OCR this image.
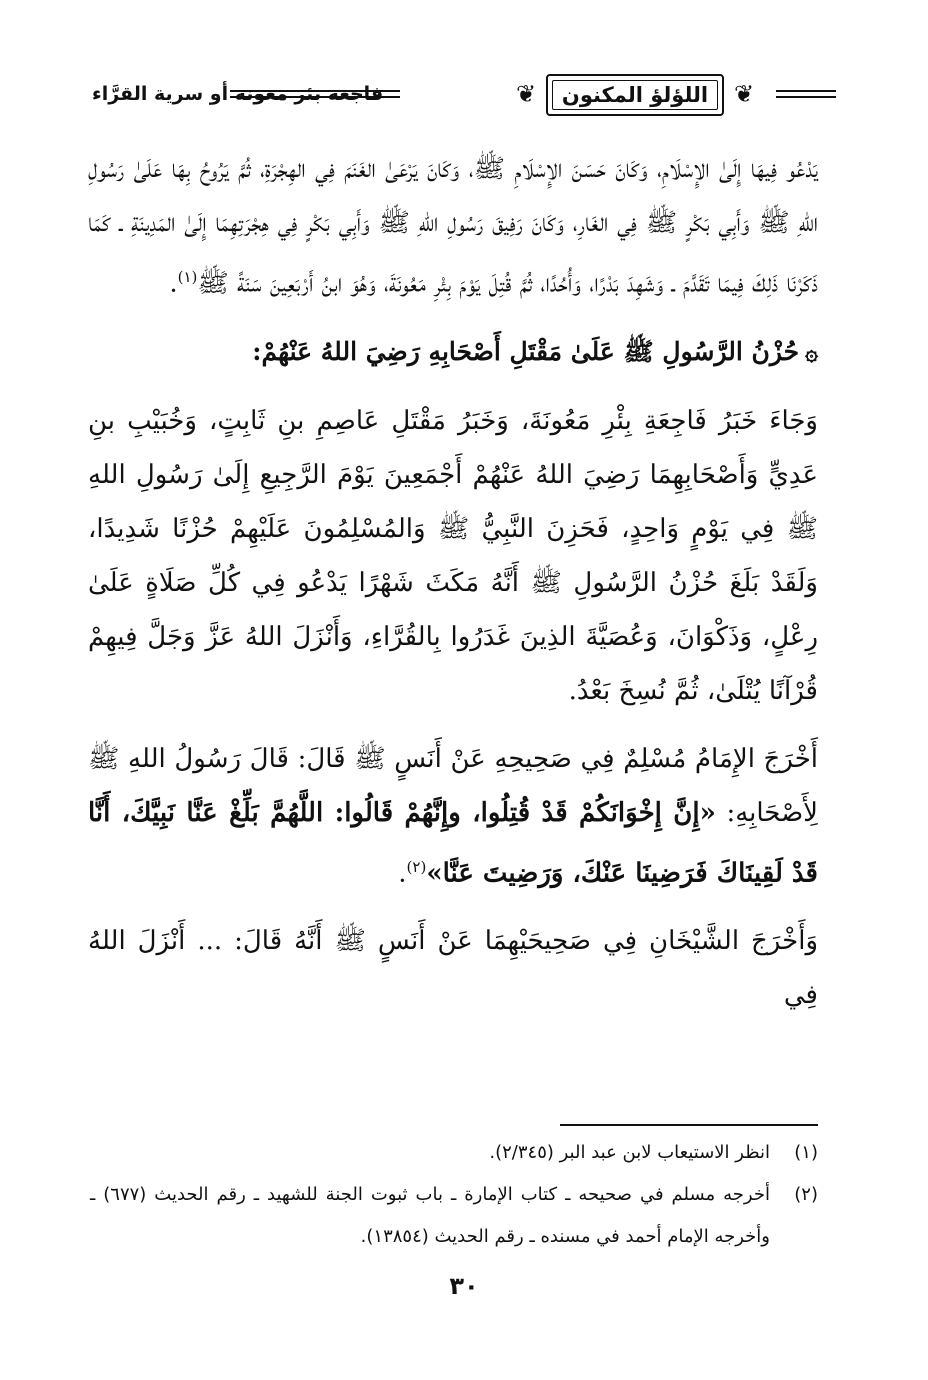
❦
اللؤلؤ المكنون
❦
فاجعة بئر معونة أو سرية القرَّاء

يَدْعُو فِيهَا إِلَىٰ الإِسْلَامِ، وَكَانَ حَسَنَ الإِسْلَامِ ﷺ، وَكَانَ يَرْعَىٰ الغَنَمَ فِي الهِجْرَةِ، ثُمَّ يَرُوحُ بِهَا عَلَىٰ رَسُولِ اللهِ ﷺ وَأَبِي بَكْرٍ ﷺ فِي الغَارِ، وَكَانَ رَفِيقَ رَسُولِ اللهِ ﷺ وَأَبِي بَكْرٍ فِي هِجْرَتِهِمَا إِلَىٰ المَدِينَةِ ـ كَمَا ذَكَرْنَا ذَلِكَ فِيمَا تَقَدَّمَ ـ وَشَهِدَ بَدْرًا، وَأُحُدًا، ثُمَّ قُتِلَ يَوْمَ بِئْرِ مَعُونَةَ، وَهُوَ ابنُ أَرْبَعِينَ سَنَةً ﷺ$^{(١)}$.

۞حُزْنُ الرَّسُولِ ﷺ عَلَىٰ مَقْتَلِ أَصْحَابِهِ رَضِيَ اللهُ عَنْهُمْ:

وَجَاءَ خَبَرُ فَاجِعَةِ بِئْرِ مَعُونَةَ، وَخَبَرُ مَقْتَلِ عَاصِمِ بنِ ثَابِتٍ، وَخُبَيْبِ بنِ عَدِيٍّ وَأَصْحَابِهِمَا رَضِيَ اللهُ عَنْهُمْ أَجْمَعِينَ يَوْمَ الرَّجِيعِ إِلَىٰ رَسُولِ اللهِ ﷺ فِي يَوْمٍ وَاحِدٍ، فَحَزِنَ النَّبِيُّ ﷺ وَالمُسْلِمُونَ عَلَيْهِمْ حُزْنًا شَدِيدًا، وَلَقَدْ بَلَغَ حُزْنُ الرَّسُولِ ﷺ أَنَّهُ مَكَثَ شَهْرًا يَدْعُو فِي كُلِّ صَلَاةٍ عَلَىٰ رِعْلٍ، وَذَكْوَانَ، وَعُصَيَّةَ الذِينَ غَدَرُوا بِالقُرَّاءِ، وَأَنْزَلَ اللهُ عَزَّ وَجَلَّ فِيهِمْ قُرْآنًا يُتْلَىٰ، ثُمَّ نُسِخَ بَعْدُ.

أَخْرَجَ الإِمَامُ مُسْلِمٌ فِي صَحِيحِهِ عَنْ أَنَسٍ ﷺ قَالَ: قَالَ رَسُولُ اللهِ ﷺ لِأَصْحَابِهِ: «إِنَّ إِخْوَانَكُمْ قَدْ قُتِلُوا، وإِنَّهُمْ قَالُوا: اللَّهُمَّ بَلِّغْ عَنَّا نَبِيَّكَ، أَنَّا قَدْ لَقِينَاكَ فَرَضِينَا عَنْكَ، وَرَضِيتَ عَنَّا»$^{(٢)}$.

وَأَخْرَجَ الشَّيْخَانِ فِي صَحِيحَيْهِمَا عَنْ أَنَسٍ ﷺ أَنَّهُ قَالَ: ... أَنْزَلَ اللهُ فِي

(١)
انظر الاستيعاب لابن عبد البر (٢/٣٤٥).
(٢)
أخرجه مسلم في صحيحه ـ كتاب الإمارة ـ باب ثبوت الجنة للشهيد ـ رقم الحديث (٦٧٧) ـ وأخرجه الإمام أحمد في مسنده ـ رقم الحديث (١٣٨٥٤).
٣٠
